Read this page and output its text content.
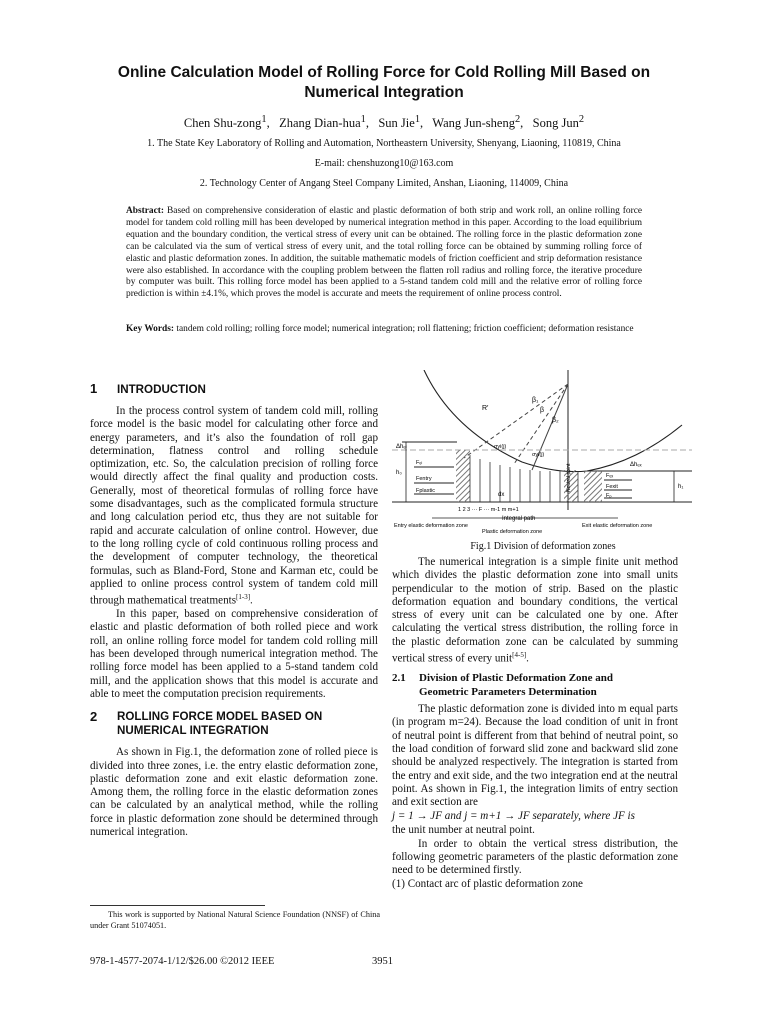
Online Calculation Model of Rolling Force for Cold Rolling Mill Based on
Numerical Integration
Chen Shu-zong$^1$,   Zhang Dian-hua$^1$,   Sun Jie$^1$,   Wang Jun-sheng$^2$,   Song Jun$^2$
1. The State Key Laboratory of Rolling and Automation, Northeastern University, Shenyang, Liaoning, 110819, China
E-mail: chenshuzong10@163.com
2. Technology Center of Angang Steel Company Limited, Anshan, Liaoning, 114009, China
Abstract: Based on comprehensive consideration of elastic and plastic deformation of both strip and work roll, an online rolling force model for tandem cold rolling mill has been developed by numerical integration method in this paper. According to the load equilibrium equation and the boundary condition, the vertical stress of every unit can be obtained. The rolling force in the plastic deformation zone can be calculated via the sum of vertical stress of every unit, and the total rolling force can be obtained by summing rolling force of elastic and plastic deformation zones. In addition, the suitable mathematic models of friction coefficient and strip deformation resistance were also established. In accordance with the coupling problem between the flatten roll radius and rolling force, the iterative procedure by computer was built. This rolling force model has been applied to a 5-stand tandem cold mill and the relative error of rolling force prediction is within ±4.1%, which proves the model is accurate and meets the requirement of online process control.
Key Words: tandem cold rolling; rolling force model; numerical integration; roll flattening; friction coefficient; deformation resistance
1 INTRODUCTION

In the process control system of tandem cold mill, rolling force model is the basic model for calculating other force and energy parameters, and it’s also the foundation of roll gap determination, flatness control and rolling schedule optimization, etc. So, the calculation precision of rolling force would directly affect the final quality and production costs. Generally, most of theoretical formulas of rolling force have some disadvantages, such as the complicated formula structure and long calculation period etc, thus they are not suitable for rapid and accurate calculation of online control. However, due to the long rolling cycle of cold continuous rolling process and the development of computer technology, the theoretical formulas, such as Bland-Ford, Stone and Karman etc, could be applied to online process control system of tandem cold mill through mathematical treatments[1-3].

In this paper, based on comprehensive consideration of elastic and plastic deformation of both rolled piece and work roll, an online rolling force model for tandem cold rolling mill has been developed through numerical integration method. The rolling force model has been applied to a 5-stand tandem cold mill, and the application shows that this model is accurate and able to meet the computation precision requirements.

2	ROLLING FORCE MODEL BASED ON
NUMERICAL INTEGRATION

As shown in Fig.1, the deformation zone of rolled piece is divided into three zones, i.e. the entry elastic deformation zone, plastic deformation zone and exit elastic deformation zone. Among them, the rolling force in the elastic deformation zones can be calculated by an analytical method, while the rolling force in plastic deformation zone should be determined through numerical integration.

This work is supported by National Natural Science Foundation (NNSF) of China under Grant 51074051.
R′
β₁
β₂
β
Δhₑₗ
Δhₑₓ
h₀
h₁
Fₑₗ
Fentry
Fplastic
Fₑₓ
Fexit
Fₚ
σyi(j)
σyi(j)
dx
Neutral point
1 2 3 ··· F ··· m-1 m m+1
Integral path
Entry elastic deformation zone
Plastic deformation zone
Exit elastic deformation zone
Fig.1 Division of deformation zones

The numerical integration is a simple finite unit method which divides the plastic deformation zone into small units perpendicular to the motion of strip. Based on the plastic deformation equation and boundary conditions, the vertical stress of every unit can be calculated one by one. After calculating the vertical stress distribution, the rolling force in the plastic deformation zone can be calculated by summing vertical stress of every unit[4-5].

2.1	Division of Plastic Deformation Zone and
Geometric Parameters Determination

The plastic deformation zone is divided into m equal parts (in program m=24). Because the load condition of unit in front of neutral point is different from that behind of neutral point, so the load condition of forward slid zone and backward slid zone should be analyzed respectively. The integration is started from the entry and exit side, and the two integration end at the neutral point. As shown in Fig.1, the integration limits of entry section and exit section are

j = 1 → JF and j = m+1 → JF separately, where JF is
the unit number at neutral point.

In order to obtain the vertical stress distribution, the following geometric parameters of the plastic deformation zone need to be determined firstly.

(1) Contact arc of plastic deformation zone
978-1-4577-2074-1/12/$26.00 ©2012 IEEE	3951
